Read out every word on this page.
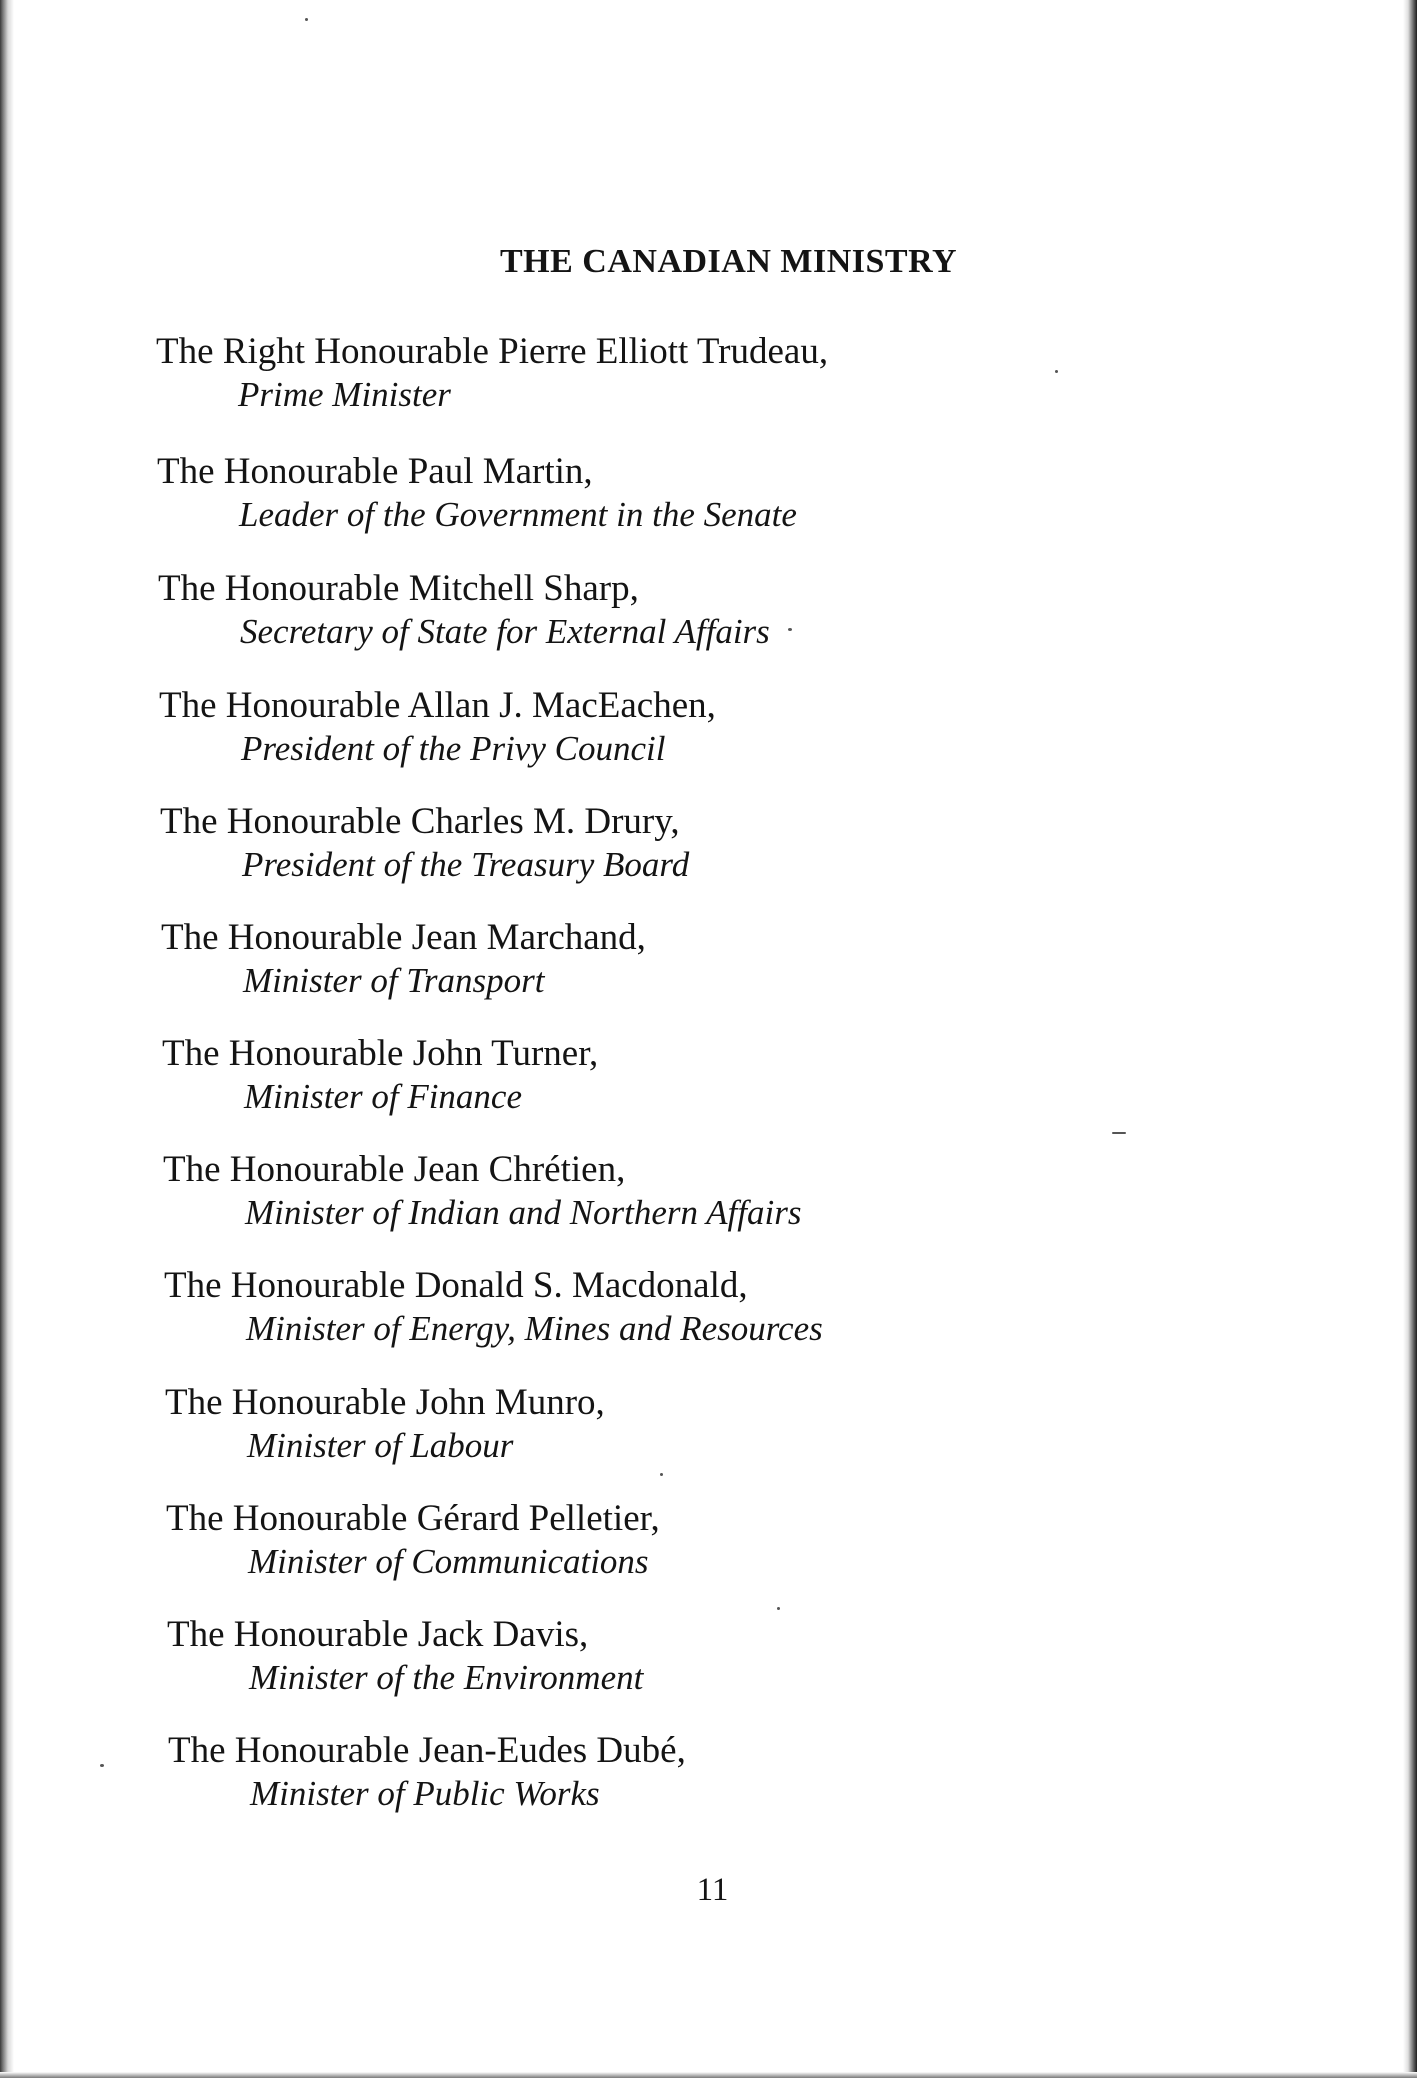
THE CANADIAN MINISTRY
The Right Honourable Pierre Elliott Trudeau,
Prime Minister
The Honourable Paul Martin,
Leader of the Government in the Senate
The Honourable Mitchell Sharp,
Secretary of State for External Affairs
The Honourable Allan J. MacEachen,
President of the Privy Council
The Honourable Charles M. Drury,
President of the Treasury Board
The Honourable Jean Marchand,
Minister of Transport
The Honourable John Turner,
Minister of Finance
The Honourable Jean Chrétien,
Minister of Indian and Northern Affairs
The Honourable Donald S. Macdonald,
Minister of Energy, Mines and Resources
The Honourable John Munro,
Minister of Labour
The Honourable Gérard Pelletier,
Minister of Communications
The Honourable Jack Davis,
Minister of the Environment
The Honourable Jean-Eudes Dubé,
Minister of Public Works
11
